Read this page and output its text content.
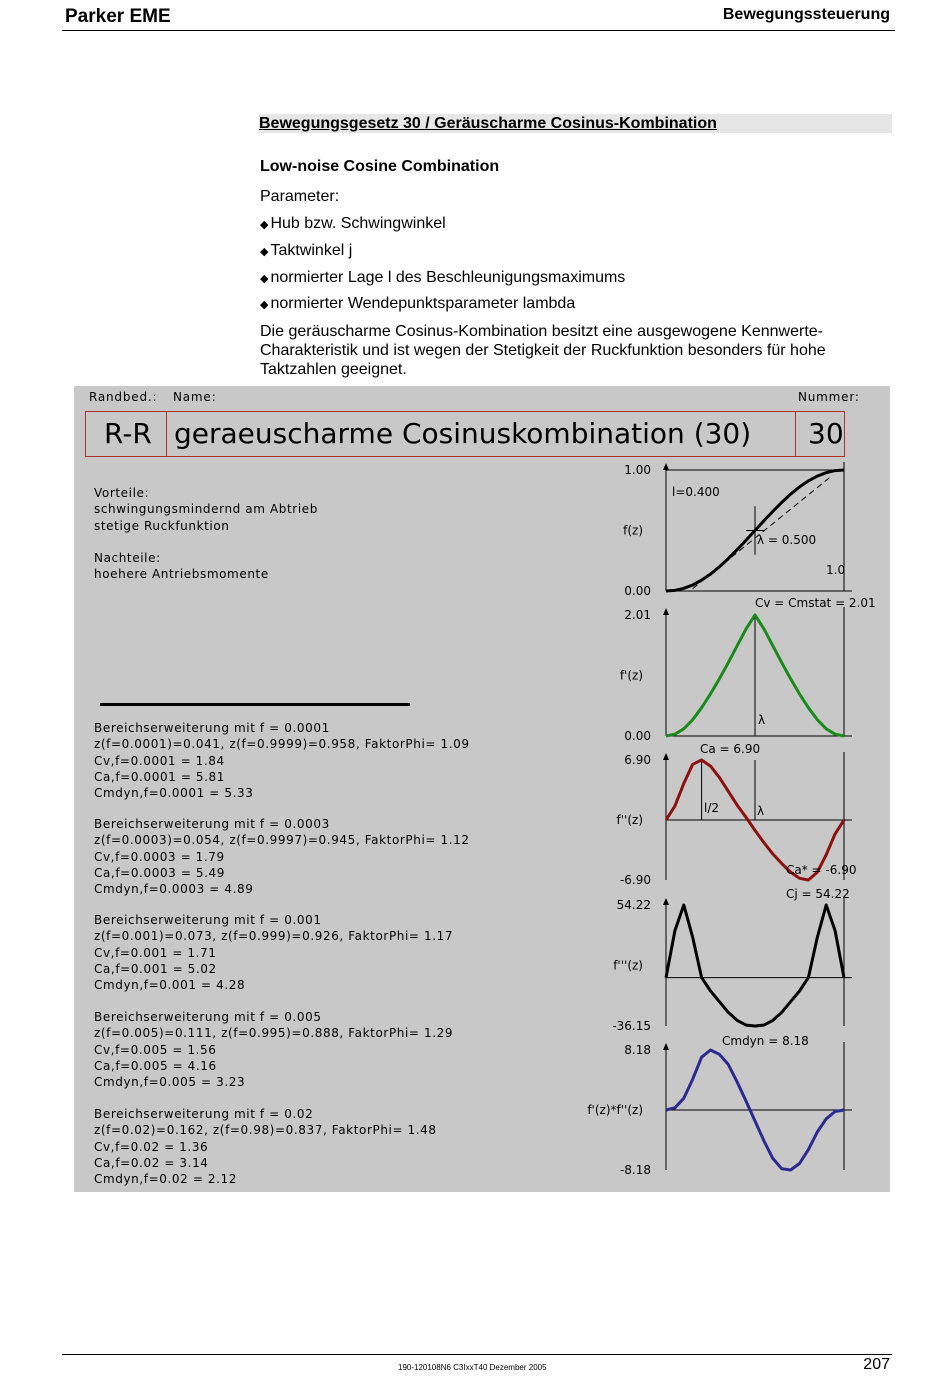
Parker EME	Bewegungssteuerung
Bewegungsgesetz 30 / Geräuscharme Cosinus-Kombination
Low-noise Cosine Combination
Parameter:
◆ Hub bzw. Schwingwinkel
◆ Taktwinkel j
◆ normierter Lage l des Beschleunigungsmaximums
◆ normierter Wendepunktsparameter lambda
Die geräuscharme Cosinus-Kombination besitzt eine ausgewogene Kennwerte-Charakteristik und ist wegen der Stetigkeit der Ruckfunktion besonders für hohe Taktzahlen geeignet.
Randbed.: Name:	Nummer:
R-R geraeuscharme Cosinuskombination (30) 30
Vorteile:
schwingungsmindernd am Abtrieb
stetige Ruckfunktion
Nachteile:
hoehere Antriebsmomente
Bereichserweiterung mit f = 0.0001
z(f=0.0001)=0.041, z(f=0.9999)=0.958, FaktorPhi= 1.09
Cv,f=0.0001 = 1.84
Ca,f=0.0001 = 5.81
Cmdyn,f=0.0001 = 5.33
Bereichserweiterung mit f = 0.0003
z(f=0.0003)=0.054, z(f=0.9997)=0.945, FaktorPhi= 1.12
Cv,f=0.0003 = 1.79
Ca,f=0.0003 = 5.49
Cmdyn,f=0.0003 = 4.89
Bereichserweiterung mit f = 0.001
z(f=0.001)=0.073, z(f=0.999)=0.926, FaktorPhi= 1.17
Cv,f=0.001 = 1.71
Ca,f=0.001 = 5.02
Cmdyn,f=0.001 = 4.28
Bereichserweiterung mit f = 0.005
z(f=0.005)=0.111, z(f=0.995)=0.888, FaktorPhi= 1.29
Cv,f=0.005 = 1.56
Ca,f=0.005 = 4.16
Cmdyn,f=0.005 = 3.23
Bereichserweiterung mit f = 0.02
z(f=0.02)=0.162, z(f=0.98)=0.837, FaktorPhi= 1.48
Cv,f=0.02 = 1.36
Ca,f=0.02 = 3.14
Cmdyn,f=0.02 = 2.12
1.00
0.00
f(z)
l=0.400
λ = 0.500
1.0
2.01
0.00
f'(z)
Cv = Cmstat = 2.01
λ
6.90
-6.90
f''(z)
Ca = 6.90
l/2	λ
Ca* = -6.90
54.22
-36.15
f'''(z)
Cj = 54.22
8.18
-8.18
f'(z)*f''(z)
Cmdyn = 8.18
190-120108N6 C3IxxT40 Dezember 2005	207
